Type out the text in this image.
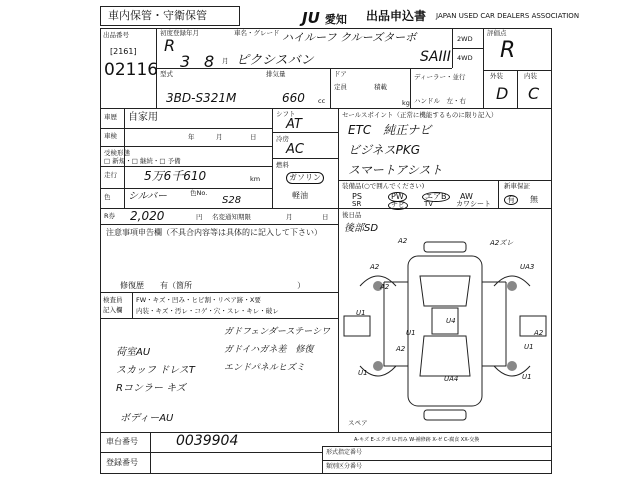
車内保管・守衛保管	JU 愛知 出品申込書 JAPAN USED CAR DEALERS ASSOCIATION
出品番号
[2161]
02116
初度登録年月
R
3 8 月
車名・グレード ハイルーフ クルーズターボ
ピクシスバン	SAIII
2WD
4WD
評価点
R
外装	内装
D C
型式
3BD-S321M
排気量
660 cc
ドア
定員	積載
kg
ディーラー・並行
ハンドル　左・右
車歴 自家用
車検	年	月	日
受検形態
□ 新規・□ 継続・□ 予備
走行 5万6千610	km
色 シルバー	色No.
S28
シフト
AT
冷房
AC
燃料
ガソリン
軽油
セールスポイント（正常に機能するものに限り記入）
ETC　純正ナビ
ビジネスPKG
スマートアシスト
装備品(○で囲んでください)
PS	PW	エアB	AW
SR	ナビ	TV	カワシート
新車保証
有	無
R券 2,020	円 名変通知期限	月	日 後日品
後部SD
注意事項申告欄（不具合内容等は具体的に記入して下さい）
修復歴　　有（箇所	）
検査員
記入欄
FW・キズ・凹み・ヒビ割・リペア跡・X要
内装・キズ・汚レ・コゲ・穴・スレ・キレ・破レ
ガドフェンダーステーシワ
ガドイハガネ差　修復
エンドパネルヒズミ
荷室AU
スカッフ ドレスT
Rコンラー キズ
ボディーAU
A2	A2ズレ
UA3
A2
A2
U1
A2
U4
U1
U1
A2
U1
UA4	U1
スペア
A-キズ E-エクボ U-凹み W-補修跡 X-ゼ C-腐食 XX-交換
車台番号	0039904
登録番号
形式指定番号
類別区分番号
